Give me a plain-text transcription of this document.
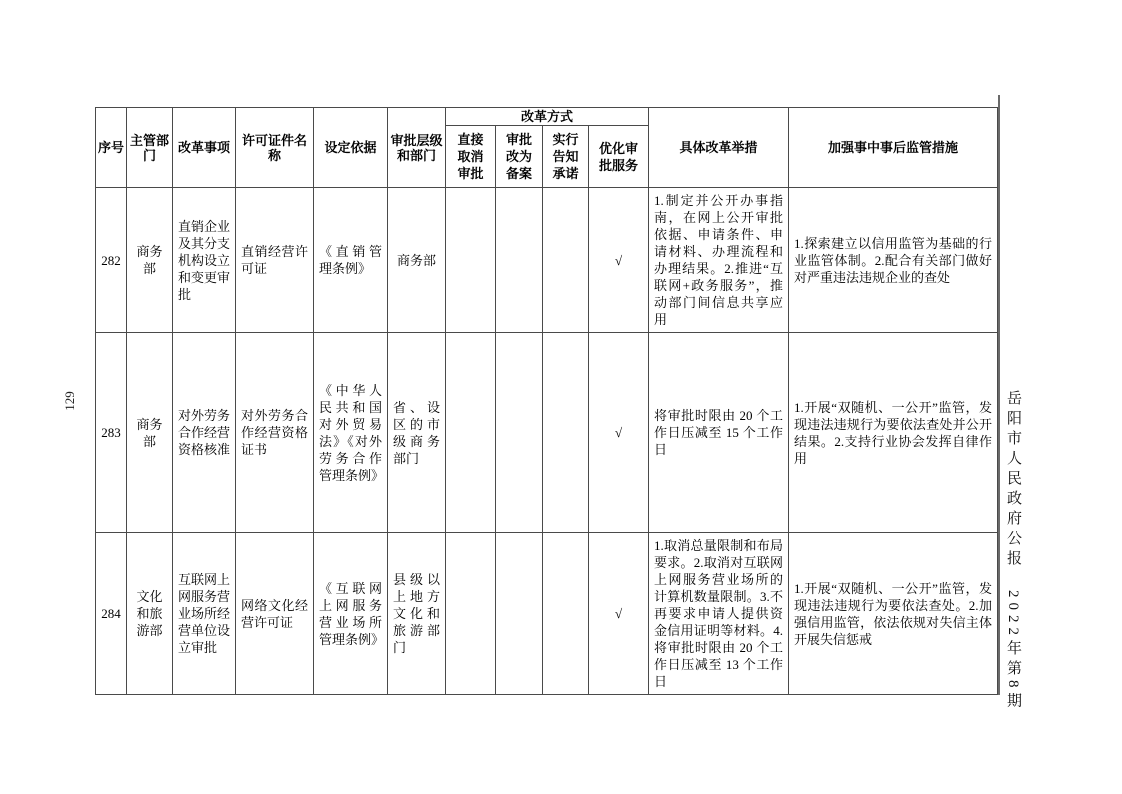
129
序号	主管部门	改革事项	许可证件名称	设定依据	审批层级和部门	改革方式				具体改革举措	加强事中事后监管措施
						直接取消审批	审批改为备案	实行告知承诺	优化审批服务		
282	商务部	直销企业及其分支机构设立和变更审批	直销经营许可证	《直销管理条例》	商务部				√	1.制定并公开办事指南，在网上公开审批依据、申请条件、申请材料、办理流程和办理结果。2.推进“互联网+政务服务”，推动部门间信息共享应用	1.探索建立以信用监管为基础的行业监管体制。2.配合有关部门做好对严重违法违规企业的查处
283	商务部	对外劳务合作经营资格核准	对外劳务合作经营资格证书	《中华人民共和国对外贸易法》《对外劳务合作管理条例》	省、设区的市级商务部门				√	将审批时限由 20 个工作日压减至 15 个工作日	1.开展“双随机、一公开”监管，发现违法违规行为要依法查处并公开结果。2.支持行业协会发挥自律作用
284	文化和旅游部	互联网上网服务营业场所经营单位设立审批	网络文化经营许可证	《互联网上网服务营业场所管理条例》	县级以上地方文化和旅游部门				√	1.取消总量限制和布局要求。2.取消对互联网上网服务营业场所的计算机数量限制。3.不再要求申请人提供资金信用证明等材料。4.将审批时限由 20 个工作日压减至 13 个工作日	1.开展“双随机、一公开”监管，发现违法违规行为要依法查处。2.加强信用监管，依法依规对失信主体开展失信惩戒	岳阳市人民政府公报　2022年第8期
